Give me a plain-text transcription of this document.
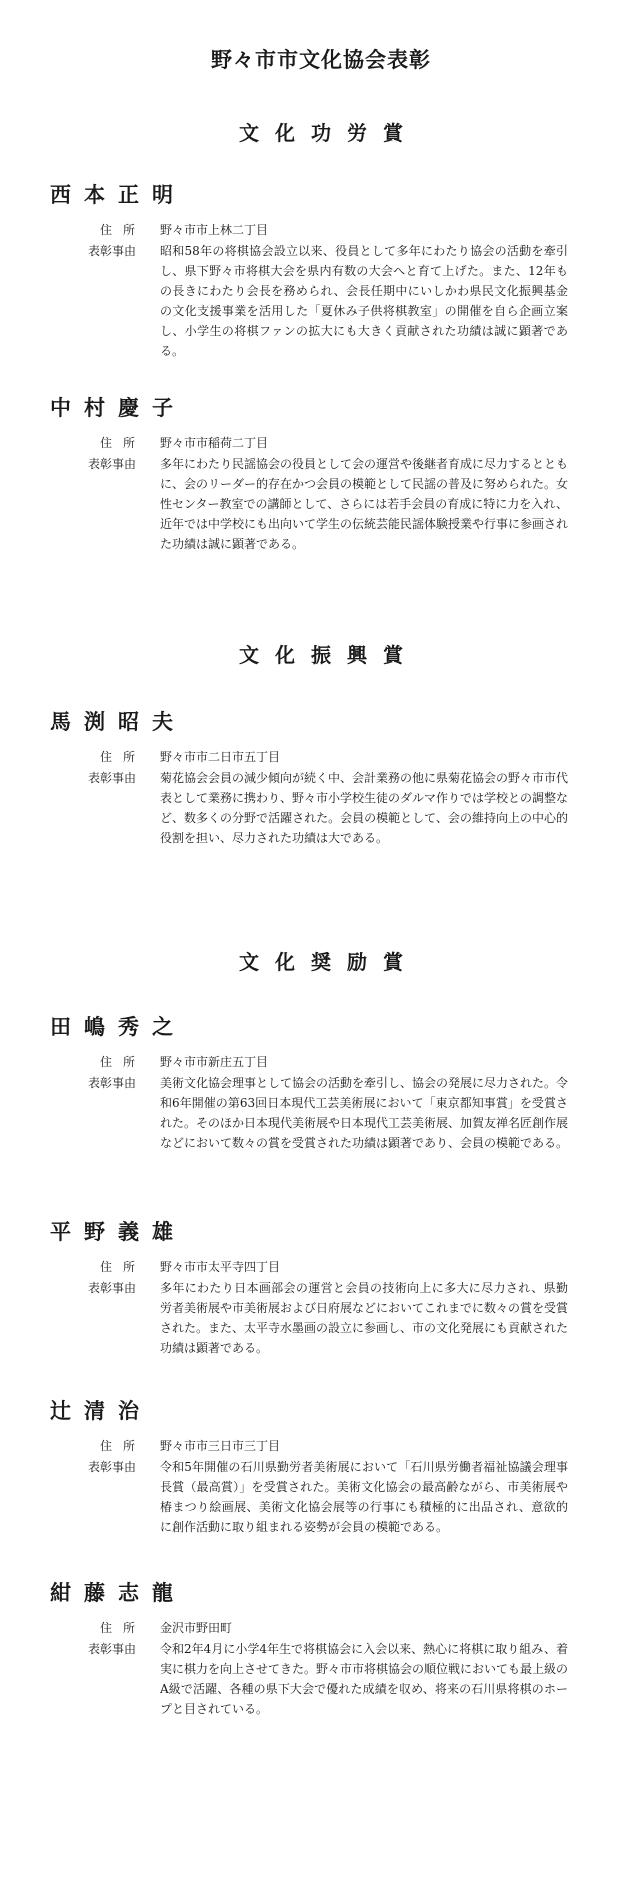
野々市市文化協会表彰
文化功労賞
西本正明
住所	野々市市上林二丁目
表彰事由	昭和58年の将棋協会設立以来、役員として多年にわたり協会の活動を牽引し、県下野々市将棋大会を県内有数の大会へと育て上げた。また、12年もの長きにわたり会長を務められ、会長任期中にいしかわ県民文化振興基金の文化支援事業を活用した「夏休み子供将棋教室」の開催を自ら企画立案し、小学生の将棋ファンの拡大にも大きく貢献された功績は誠に顕著である。
中村慶子
住所	野々市市稲荷二丁目
表彰事由	多年にわたり民謡協会の役員として会の運営や後継者育成に尽力するとともに、会のリーダー的存在かつ会員の模範として民謡の普及に努められた。女性センター教室での講師として、さらには若手会員の育成に特に力を入れ、近年では中学校にも出向いて学生の伝統芸能民謡体験授業や行事に参画された功績は誠に顕著である。
文化振興賞
馬渕昭夫
住所	野々市市二日市五丁目
表彰事由	菊花協会会員の減少傾向が続く中、会計業務の他に県菊花協会の野々市市代表として業務に携わり、野々市小学校生徒のダルマ作りでは学校との調整など、数多くの分野で活躍された。会員の模範として、会の維持向上の中心的役割を担い、尽力された功績は大である。
文化奨励賞
田嶋秀之
住所	野々市市新庄五丁目
表彰事由	美術文化協会理事として協会の活動を牽引し、協会の発展に尽力された。令和6年開催の第63回日本現代工芸美術展において「東京都知事賞」を受賞された。そのほか日本現代美術展や日本現代工芸美術展、加賀友禅名匠創作展などにおいて数々の賞を受賞された功績は顕著であり、会員の模範である。
平野義雄
住所	野々市市太平寺四丁目
表彰事由	多年にわたり日本画部会の運営と会員の技術向上に多大に尽力され、県勤労者美術展や市美術展および日府展などにおいてこれまでに数々の賞を受賞された。また、太平寺水墨画の設立に参画し、市の文化発展にも貢献された功績は顕著である。
辻清治
住所	野々市市三日市三丁目
表彰事由	令和5年開催の石川県勤労者美術展において「石川県労働者福祉協議会理事長賞（最高賞）」を受賞された。美術文化協会の最高齢ながら、市美術展や椿まつり絵画展、美術文化協会展等の行事にも積極的に出品され、意欲的に創作活動に取り組まれる姿勢が会員の模範である。
紺藤志龍
住所	金沢市野田町
表彰事由	令和2年4月に小学4年生で将棋協会に入会以来、熱心に将棋に取り組み、着実に棋力を向上させてきた。野々市市将棋協会の順位戦においても最上級のA級で活躍、各種の県下大会で優れた成績を収め、将来の石川県将棋のホープと目されている。
